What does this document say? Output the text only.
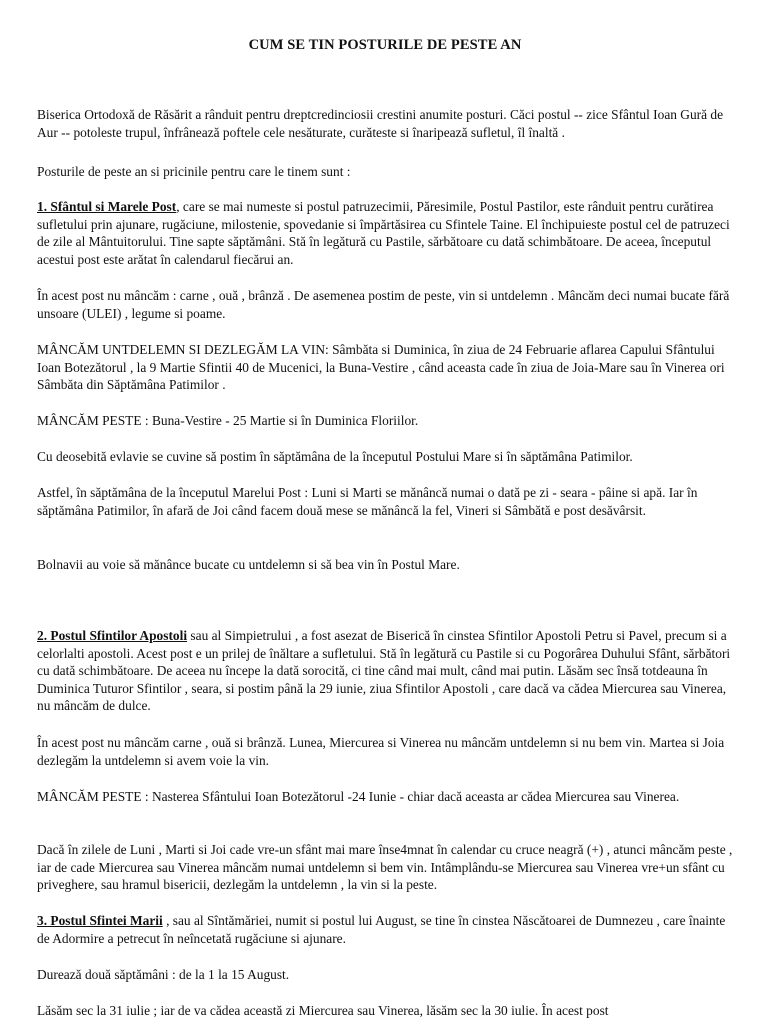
CUM SE TIN POSTURILE DE PESTE AN

Biserica Ortodoxă de Răsărit a rânduit pentru dreptcredinciosii crestini anumite posturi. Căci postul -- zice Sfântul Ioan Gură de Aur -- potoleste trupul, înfrânează poftele cele nesăturate, curăteste si înaripează sufletul, îl înaltă .

Posturile de peste an si pricinile pentru care le tinem sunt :

1. Sfântul si Marele Post, care se mai numeste si postul patruzecimii, Păresimile, Postul Pastilor, este rânduit pentru curătirea sufletului prin ajunare, rugăciune, milostenie, spovedanie si împărtăsirea cu Sfintele Taine. El închipuieste postul cel de patruzeci de zile al Mântuitorului. Tine sapte săptămâni. Stă în legătură cu Pastile, sărbătoare cu dată schimbătoare. De aceea, începutul acestui post este arătat în calendarul fiecărui an.

În acest post nu mâncăm : carne , ouă , brânză . De asemenea postim de peste, vin si untdelemn . Mâncăm deci numai bucate fără unsoare (ULEI) , legume si poame.

MÂNCĂM UNTDELEMN SI DEZLEGĂM LA VIN: Sâmbăta si Duminica, în ziua de 24 Februarie aflarea Capului Sfântului Ioan Botezătorul , la 9 Martie Sfintii 40 de Mucenici, la Buna-Vestire , când aceasta cade în ziua de Joia-Mare sau în Vinerea ori Sâmbăta din Săptămâna Patimilor .

MÂNCĂM PESTE : Buna-Vestire - 25 Martie si în Duminica Floriilor.

Cu deosebită evlavie se cuvine să postim în săptămâna de la începutul Postului Mare si în săptămâna Patimilor.

Astfel, în săptămâna de la începutul Marelui Post : Luni si Marti se mănâncă numai o dată pe zi - seara - pâine si apă. Iar în săptămâna Patimilor, în afară de Joi când facem două mese se mănâncă la fel, Vineri si Sâmbătă e post desăvârsit.

Bolnavii au voie să mănânce bucate cu untdelemn si să bea vin în Postul Mare.

2. Postul Sfintilor Apostoli sau al Simpietrului , a fost asezat de Biserică în cinstea Sfintilor Apostoli Petru si Pavel, precum si a celorlalti apostoli. Acest post e un prilej de înăltare a sufletului. Stă în legătură cu Pastile si cu Pogorârea Duhului Sfânt, sărbători cu dată schimbătoare. De aceea nu începe la dată sorocită, ci tine când mai mult, când mai putin. Lăsăm sec însă totdeauna în Duminica Tuturor Sfintilor , seara, si postim până la 29 iunie, ziua Sfintilor Apostoli , care dacă va cădea Miercurea sau Vinerea, nu mâncăm de dulce.

În acest post nu mâncăm carne , ouă si brânză. Lunea, Miercurea si Vinerea nu mâncăm untdelemn si nu bem vin. Martea si Joia dezlegăm la untdelemn si avem voie la vin.

MÂNCĂM PESTE : Nasterea Sfântului Ioan Botezătorul -24 Iunie - chiar dacă aceasta ar cădea Miercurea sau Vinerea.

Dacă în zilele de Luni , Marti si Joi cade vre-un sfânt mai mare înse4mnat în calendar cu cruce neagră (+) , atunci mâncăm peste , iar de cade Miercurea sau Vinerea mâncăm numai untdelemn si bem vin. Intâmplându-se Miercurea sau Vinerea vre+un sfânt cu priveghere, sau hramul bisericii, dezlegăm la untdelemn , la vin si la peste.

3. Postul Sfintei Marii , sau al Sîntămăriei, numit si postul lui August, se tine în cinstea Născătoarei de Dumnezeu , care înainte de Adormire a petrecut în neîncetată rugăciune si ajunare.

Durează două săptămâni : de la 1 la 15 August.

Lăsăm sec la 31 iulie ; iar de va cădea această zi Miercurea sau Vinerea, lăsăm sec la 30 iulie. În acest post
